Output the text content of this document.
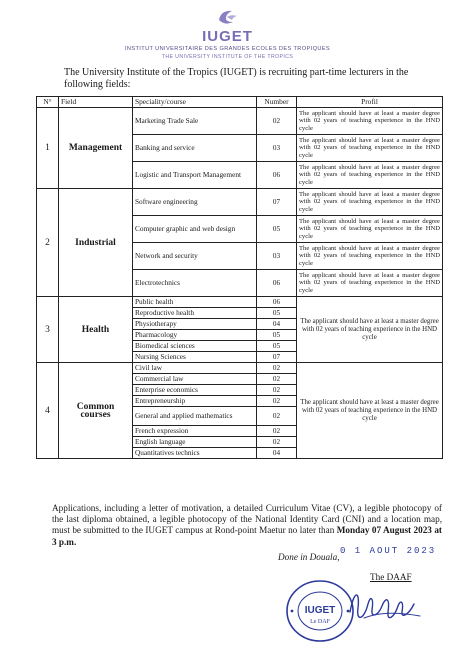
IUGET
INSTITUT UNIVERSITAIRE DES GRANDES ECOLES DES TROPIQUES
THE UNIVERSITY INSTITUTE OF THE TROPICS
The University Institute of the Tropics (IUGET) is recruiting part-time lecturers in the following fields:
N°	Field	Speciality/course	Number	Profil
1	Management	Marketing Trade Sale	02	The applicant should have at least a master degree with 02 years of teaching experience in the HND cycle
		Banking and service	03	The applicant should have at least a master degree with 02 years of teaching experience in the HND cycle
		Logistic and Transport Management	06	The applicant should have at least a master degree with 02 years of teaching experience in the HND cycle
2	Industrial	Software engineering	07	The applicant should have at least a master degree with 02 years of teaching experience in the HND cycle
		Computer graphic and web design	05	The applicant should have at least a master degree with 02 years of teaching experience in the HND cycle
		Network and security	03	The applicant should have at least a master degree with 02 years of teaching experience in the HND cycle
		Electrotechnics	06	The applicant should have at least a master degree with 02 years of teaching experience in the HND cycle
3	Health	Public health	06	The applicant should have at least a master degree with 02 years of teaching experience in the HND cycle
		Reproductive health	05	
		Physiotherapy	04	
		Pharmacology	05	
		Biomedical sciences	05	
		Nursing Sciences	07	
4	Common courses	Civil law	02	The applicant should have at least a master degree with 02 years of teaching experience in the HND cycle
		Commercial law	02	
		Enterprise economics	02	
		Entrepreneurship	02	
		General and applied mathematics	02	
		French expression	02	
		English language	02	
		Quantitatives technics	04	
Applications, including a letter of motivation, a detailed Curriculum Vitae (CV), a legible photocopy of the last diploma obtained, a legible photocopy of the National Identity Card (CNI) and a location map, must be submitted to the IUGET campus at Rond-point Maetur no later than Monday 07 August 2023 at 3 p.m.
Done in Douala,
0 1 AOUT 2023
The DAAF
IUGET
Le DAF
